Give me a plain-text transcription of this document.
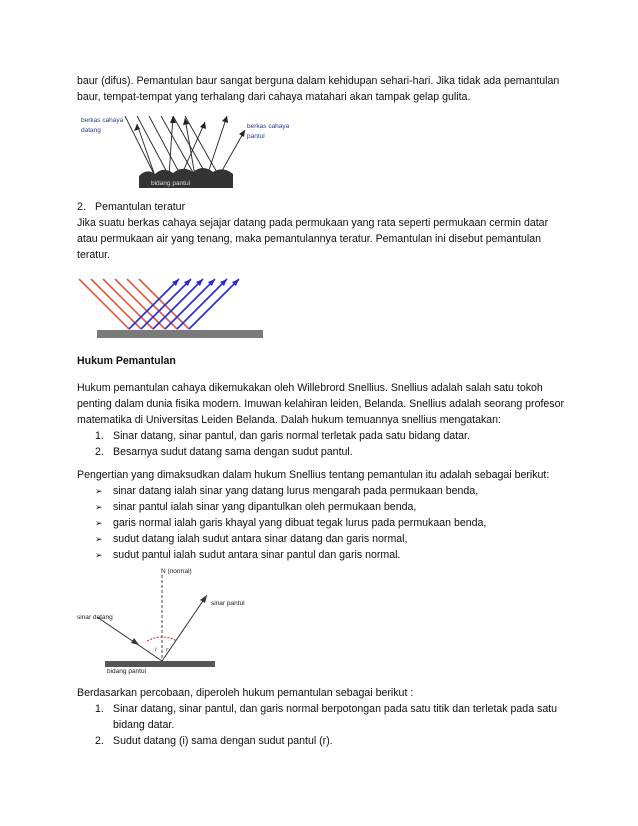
baur (difus). Pemantulan baur sangat berguna dalam kehidupan sehari-hari. Jika tidak ada pemantulan
baur, tempat-tempat yang terhalang dari cahaya matahari akan tampak gelap gulita.
berkas cahaya
datang
berkas cahaya
pantul
bidang pantul
2. Pemantulan teratur
Jika suatu berkas cahaya sejajar datang pada permukaan yang rata seperti permukaan cermin datar
atau permukaan air yang tenang, maka pemantulannya teratur. Pemantulan ini disebut pemantulan
teratur.
Hukum Pemantulan
Hukum pemantulan cahaya dikemukakan oleh Willebrord Snellius. Snellius adalah salah satu tokoh
penting dalam dunia fisika modern. Imuwan kelahiran leiden, Belanda. Snellius adalah seorang profesor
matematika di Universitas Leiden Belanda. Dalah hukum temuannya snellius mengatakan:
1. Sinar datang, sinar pantul, dan garis normal terletak pada satu bidang datar.
2. Besarnya sudut datang sama dengan sudut pantul.
Pengertian yang dimaksudkan dalam hukum Snellius tentang pemantulan itu adalah sebagai berikut:
➢ sinar datang ialah sinar yang datang lurus mengarah pada permukaan benda,
➢ sinar pantul ialah sinar yang dipantulkan oleh permukaan benda,
➢ garis normal ialah garis khayal yang dibuat tegak lurus pada permukaan benda,
➢ sudut datang ialah sudut antara sinar datang dan garis normal,
➢ sudut pantul ialah sudut antara sinar pantul dan garis normal.
i r
N (normal)
sinar datang
sinar pantul
bidang pantul
Berdasarkan percobaan, diperoleh hukum pemantulan sebagai berikut :
1. Sinar datang, sinar pantul, dan garis normal berpotongan pada satu titik dan terletak pada satu
bidang datar.
2. Sudut datang (i) sama dengan sudut pantul (r).
